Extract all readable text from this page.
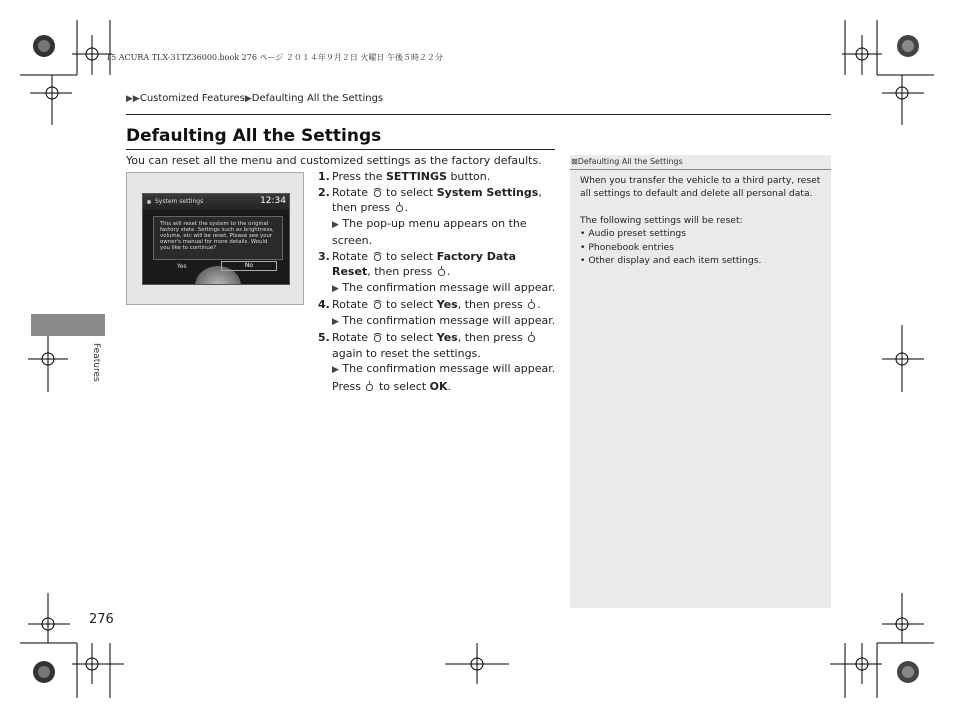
15 ACURA TLX-31TZ36000.book 276 ページ ２０１４年９月２日 火曜日 午後５時２２分
▶▶Customized Features▶Defaulting All the Settings
Defaulting All the Settings
You can reset all the menu and customized settings as the factory defaults.
System settings	12:34
This will reset the system to the original factory state. Settings such as brightness, volume, etc will be reset. Please see your owner's manual for more details. Would you like to continue?
Yes	No
1. Press the SETTINGS button.
2. Rotate  to select System Settings, then press .
▶ The pop-up menu appears on the screen.
3. Rotate  to select Factory Data Reset, then press .
▶ The confirmation message will appear.
4. Rotate  to select Yes, then press .
▶ The confirmation message will appear.
5. Rotate  to select Yes, then press  again to reset the settings.
▶ The confirmation message will appear.
Press  to select OK.
⊠Defaulting All the Settings

When you transfer the vehicle to a third party, reset all settings to default and delete all personal data.

The following settings will be reset:
• Audio preset settings
• Phonebook entries
• Other display and each item settings.
Features
276
